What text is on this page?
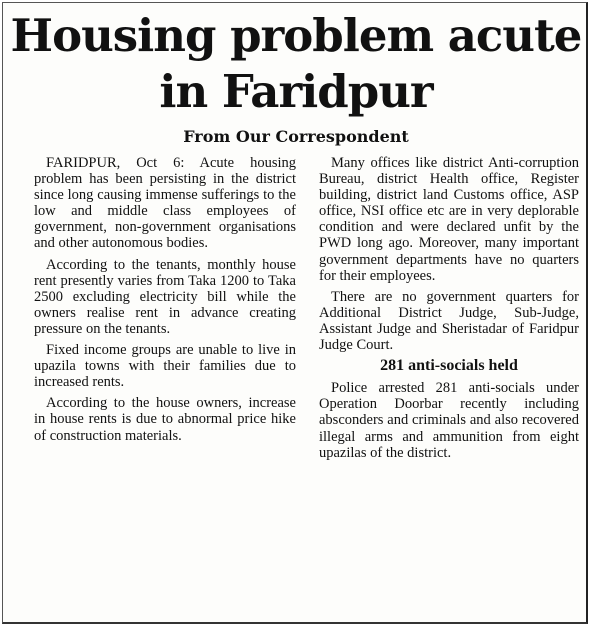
Housing problem acute
in Faridpur

From Our Correspondent

FARIDPUR, Oct 6: Acute housing problem has been persisting in the district since long causing immense sufferings to the low and middle class employees of government, non-government organisations and other autonomous bodies.

According to the tenants, monthly house rent presently varies from Taka 1200 to Taka 2500 excluding electricity bill while the owners realise rent in advance creating pressure on the tenants.

Fixed income groups are unable to live in upazila towns with their families due to increased rents.

According to the house owners, increase in house rents is due to abnormal price hike of construction materials.

Many offices like district Anti-corruption Bureau, district Health office, Register building, district land Customs office, ASP office, NSI office etc are in very deplorable condition and were declared unfit by the PWD long ago. Moreover, many important government departments have no quarters for their employees.

There are no government quarters for Additional District Judge, Sub-Judge, Assistant Judge and Sheristadar of Faridpur Judge Court.

281 anti-socials held

Police arrested 281 anti-socials under Operation Doorbar recently including absconders and criminals and also recovered illegal arms and ammunition from eight upazilas of the district.
